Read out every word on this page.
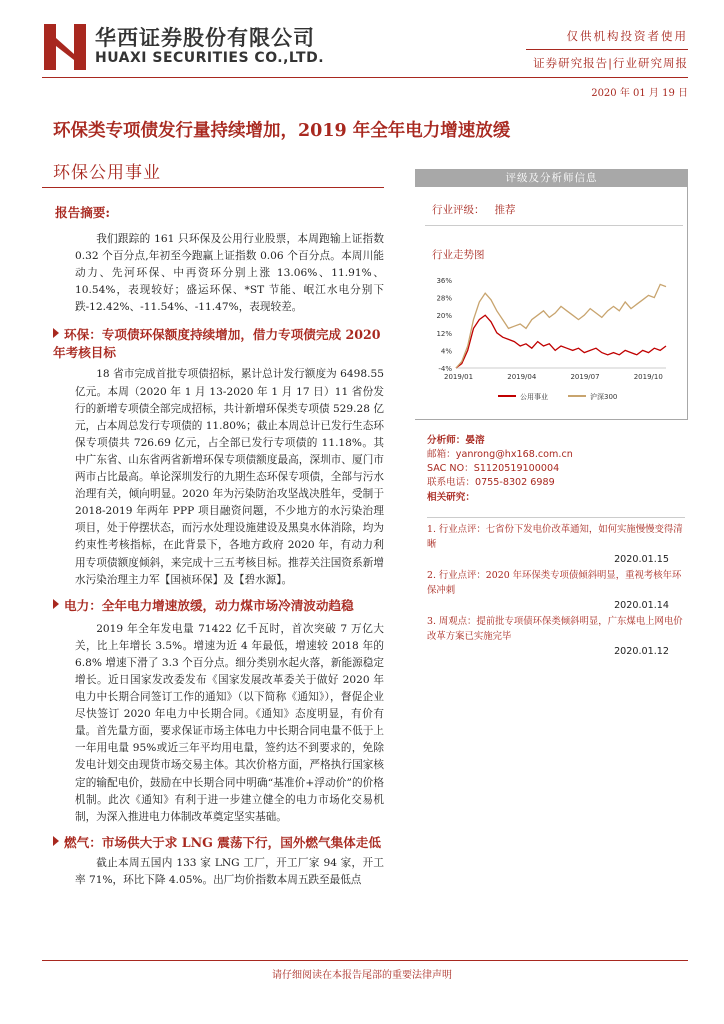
华西证券股份有限公司
HUAXI SECURITIES CO.,LTD.
仅供机构投资者使用
证券研究报告|行业研究周报
2020 年 01 月 19 日
环保类专项债发行量持续增加，2019 年全年电力增速放缓
环保公用事业
报告摘要:

我们跟踪的 161 只环保及公用行业股票，本周跑输上证指数 0.32 个百分点,年初至今跑赢上证指数 0.06 个百分点。本周川能动力、先河环保、中再资环分别上涨 13.06%、11.91%、10.54%，表现较好；盛运环保、*ST 节能、岷江水电分别下跌-12.42%、-11.54%、-11.47%，表现较差。

环保：专项债环保额度持续增加，借力专项债完成 2020 年考核目标

18 省市完成首批专项债招标，累计总计发行额度为 6498.55 亿元。本周（2020 年 1 月 13-2020 年 1 月 17 日）11 省份发行的新增专项债全部完成招标，共计新增环保类专项债 529.28 亿元，占本周总发行专项债的 11.80%；截止本周总计已发行生态环保专项债共 726.69 亿元，占全部已发行专项债的 11.18%。其中广东省、山东省两省新增环保专项债额度最高，深圳市、厦门市两市占比最高。单论深圳发行的九期生态环保专项债，全部与污水治理有关，倾向明显。2020 年为污染防治攻坚战决胜年，受制于 2018-2019 年两年 PPP 项目融资问题，不少地方的水污染治理项目，处于停摆状态，而污水处理设施建设及黑臭水体消除，均为约束性考核指标，在此背景下，各地方政府 2020 年，有动力利用专项债额度倾斜，来完成十三五考核目标。推荐关注国资系新增水污染治理主力军【国祯环保】及【碧水源】。

电力：全年电力增速放缓，动力煤市场冷清波动趋稳

2019 年全年发电量 71422 亿千瓦时，首次突破 7 万亿大关，比上年增长 3.5%。增速为近 4 年最低，增速较 2018 年的 6.8% 增速下滑了 3.3 个百分点。细分类别水起火落，新能源稳定增长。近日国家发改委发布《国家发展改革委关于做好 2020 年电力中长期合同签订工作的通知》（以下简称《通知》），督促企业尽快签订 2020 年电力中长期合同。《通知》态度明显，有价有量。首先量方面，要求保证市场主体电力中长期合同电量不低于上一年用电量 95%或近三年平均用电量，签约达不到要求的，免除发电计划交由现货市场交易主体。其次价格方面，严格执行国家核定的输配电价，鼓励在中长期合同中明确“基准价+浮动价”的价格机制。此次《通知》有利于进一步建立健全的电力市场化交易机制，为深入推进电力体制改革奠定坚实基础。

燃气：市场供大于求 LNG 震荡下行，国外燃气集体走低

截止本周五国内 133 家 LNG 工厂，开工厂家 94 家，开工率 71%，环比下降 4.05%。出厂均价指数本周五跌至最低点

评级及分析师信息
行业评级： 推荐
行业走势图
36%
28%
20%
12%
4%
-4%
2019/01	2019/04	2019/07	2019/10
公用事业	沪深300
分析师：晏溶
邮箱：yanrong@hx168.com.cn
SAC NO：S1120519100004
联系电话：0755-8302 6989
相关研究：
1. 行业点评：七省份下发电价改革通知，如何实施慢慢变得清晰
2020.01.15
2. 行业点评：2020 年环保类专项债倾斜明显，重视考核年环保冲刺
2020.01.14
3. 周观点：提前批专项债环保类倾斜明显，广东煤电上网电价改革方案已实施完毕
2020.01.12
请仔细阅读在本报告尾部的重要法律声明
